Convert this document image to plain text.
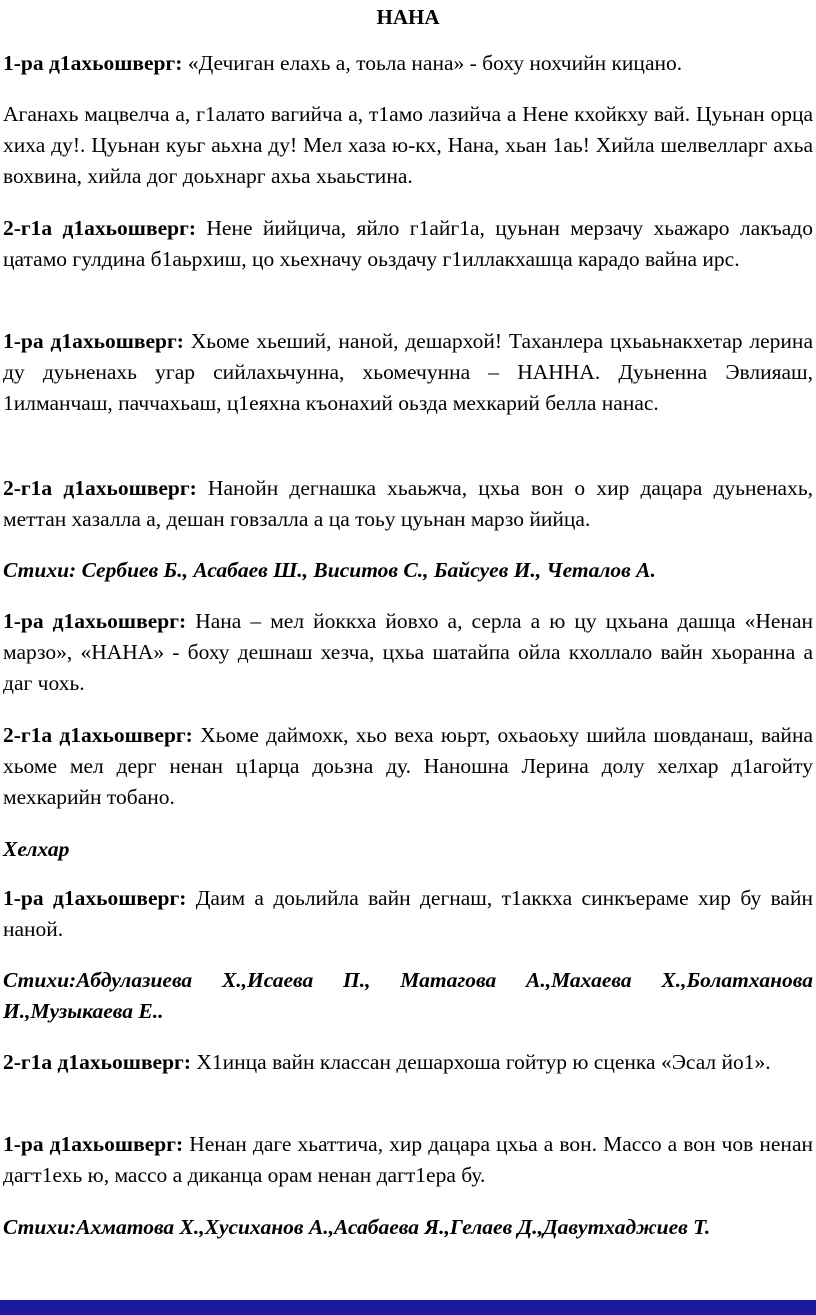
НАНА

1-ра д1ахьошверг: «Дечиган елахь а, тоьла нана» - боху нохчийн кицано.

Аганахь мацвелча а, г1алато вагийча а, т1амо лазийча а Нене кхойкху вай. Цуьнан орца хиха ду!. Цуьнан куьг аьхна ду! Мел хаза ю-кх, Нана, хьан 1аь! Хийла шелвелларг ахьа вохвина, хийла дог доьхнарг ахьа хьаьстина.

2-г1а д1ахьошверг: Нене йийцича, яйло г1айг1а, цуьнан мерзачу хьажаро лакъадо цатамо гулдина б1аьрхиш, цо хьехначу оьздачу г1иллакхашца карадо вайна ирс.

1-ра д1ахьошверг: Хьоме хьеший, наной, дешархой! Таханлера цхьаьнакхетар лерина ду дуьненахь угар сийлахьчунна, хьомечунна – НАННА. Дуьненна Эвлияаш, 1илманчаш, паччахьаш, ц1еяхна къонахий оьзда мехкарий белла нанас.

2-г1а д1ахьошверг: Нанойн дегнашка хьаьжча, цхьа вон о хир дацара дуьненахь, меттан хазалла а, дешан говзалла а ца тоьу цуьнан марзо йийца.

Стихи: Сербиев Б., Асабаев Ш., Виситов С., Байсуев И., Четалов А.

1-ра д1ахьошверг: Нана – мел йоккха йовхо а, серла а ю цу цхьана дашца «Ненан марзо», «НАНА» - боху дешнаш хезча, цхьа шатайпа ойла кхоллало вайн хьоранна а даг чохь.

2-г1а д1ахьошверг: Хьоме даймохк, хьо веха юьрт, охьаоьху шийла шовданаш, вайна хьоме мел дерг ненан ц1арца доьзна ду. Наношна Лерина долу хелхар д1агойту мехкарийн тобано.

Хелхар

1-ра д1ахьошверг: Даим а доьлийла вайн дегнаш, т1аккха синкъераме хир бу вайн наной.

Стихи:Абдулазиева Х.,Исаева П., Матагова А.,Махаева Х.,Болатханова И.,Музыкаева Е..

2-г1а д1ахьошверг: Х1инца вайн классан дешархоша гойтур ю сценка «Эсал йо1».

1-ра д1ахьошверг: Ненан даге хьаттича, хир дацара цхьа а вон. Массо а вон чов ненан дагт1ехь ю, массо а диканца орам ненан дагт1ера бу.

Стихи:Ахматова Х.,Хусиханов А.,Асабаева Я.,Гелаев Д.,Давутхаджиев Т.
